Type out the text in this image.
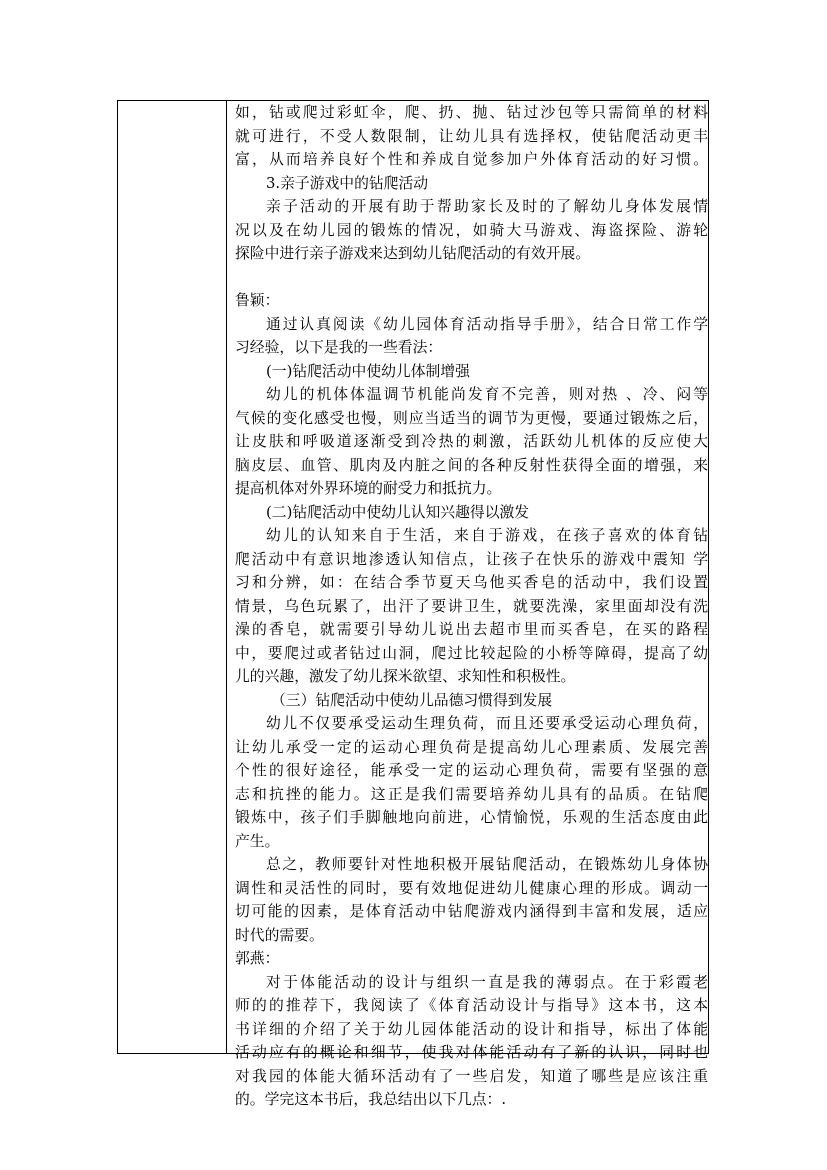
如，钻或爬过彩虹伞，爬、扔、抛、钻过沙包等只需简单的材料
就可进行，不受人数限制，让幼儿具有选择权，使钻爬活动更丰
富，从而培养良好个性和养成自觉参加户外体育活动的好习惯。
3.亲子游戏中的钻爬活动
亲子活动的开展有助于帮助家长及时的了解幼儿身体发展情
况以及在幼儿园的锻炼的情况，如骑大马游戏、海盗探险、游轮
探险中进行亲子游戏来达到幼儿钻爬活动的有效开展。
鲁颖：
通过认真阅读《幼儿园体育活动指导手册》，结合日常工作学
习经验，以下是我的一些看法：
(一)钻爬活动中使幼儿体制增强
幼儿的机体体温调节机能尚发育不完善，则对热 、冷、闷等
气候的变化感受也慢，则应当适当的调节为更慢，要通过锻炼之后，
让皮肤和呼吸道逐渐受到冷热的刺激，活跃幼儿机体的反应使大
脑皮层、血管、肌肉及内脏之间的各种反射性获得全面的增强，来
提高机体对外界环境的耐受力和抵抗力。
(二)钻爬活动中使幼儿认知兴趣得以激发
幼儿的认知来自于生活，来自于游戏，在孩子喜欢的体育钻
爬活动中有意识地渗透认知信点，让孩子在快乐的游戏中震知 学
习和分辨，如：在结合季节夏天乌他买香皂的活动中，我们设置
情景，乌色玩累了，出汗了要讲卫生，就要洗澡，家里面却没有洗
澡的香皂，就需要引导幼儿说出去超市里而买香皂，在买的路程
中，要爬过或者钻过山洞，爬过比较起险的小桥等障碍，提高了幼
儿的兴趣，激发了幼儿探米欲望、求知性和积极性。
（三）钻爬活动中使幼儿品德习惯得到发展
幼儿不仅要承受运动生理负荷，而且还要承受运动心理负荷，
让幼儿承受一定的运动心理负荷是提高幼儿心理素质、发展完善
个性的很好途径，能承受一定的运动心理负荷，需要有坚强的意
志和抗挫的能力。这正是我们需要培养幼儿具有的品质。在钻爬
锻炼中，孩子们手脚触地向前进，心情愉悦，乐观的生活态度由此
产生。
总之，教师要针对性地积极开展钻爬活动，在锻炼幼儿身体协
调性和灵活性的同时，要有效地促进幼儿健康心理的形成。调动一
切可能的因素，是体育活动中钻爬游戏内涵得到丰富和发展，适应
时代的需要。
郭燕：
对于体能活动的设计与组织一直是我的薄弱点。在于彩霞老
师的的推荐下，我阅读了《体育活动设计与指导》这本书，这本
书详细的介绍了关于幼儿园体能活动的设计和指导，标出了体能
活动应有的概论和细节，使我对体能活动有了新的认识，同时也
对我园的体能大循环活动有了一些启发，知道了哪些是应该注重
的。学完这本书后，我总结出以下几点：.
